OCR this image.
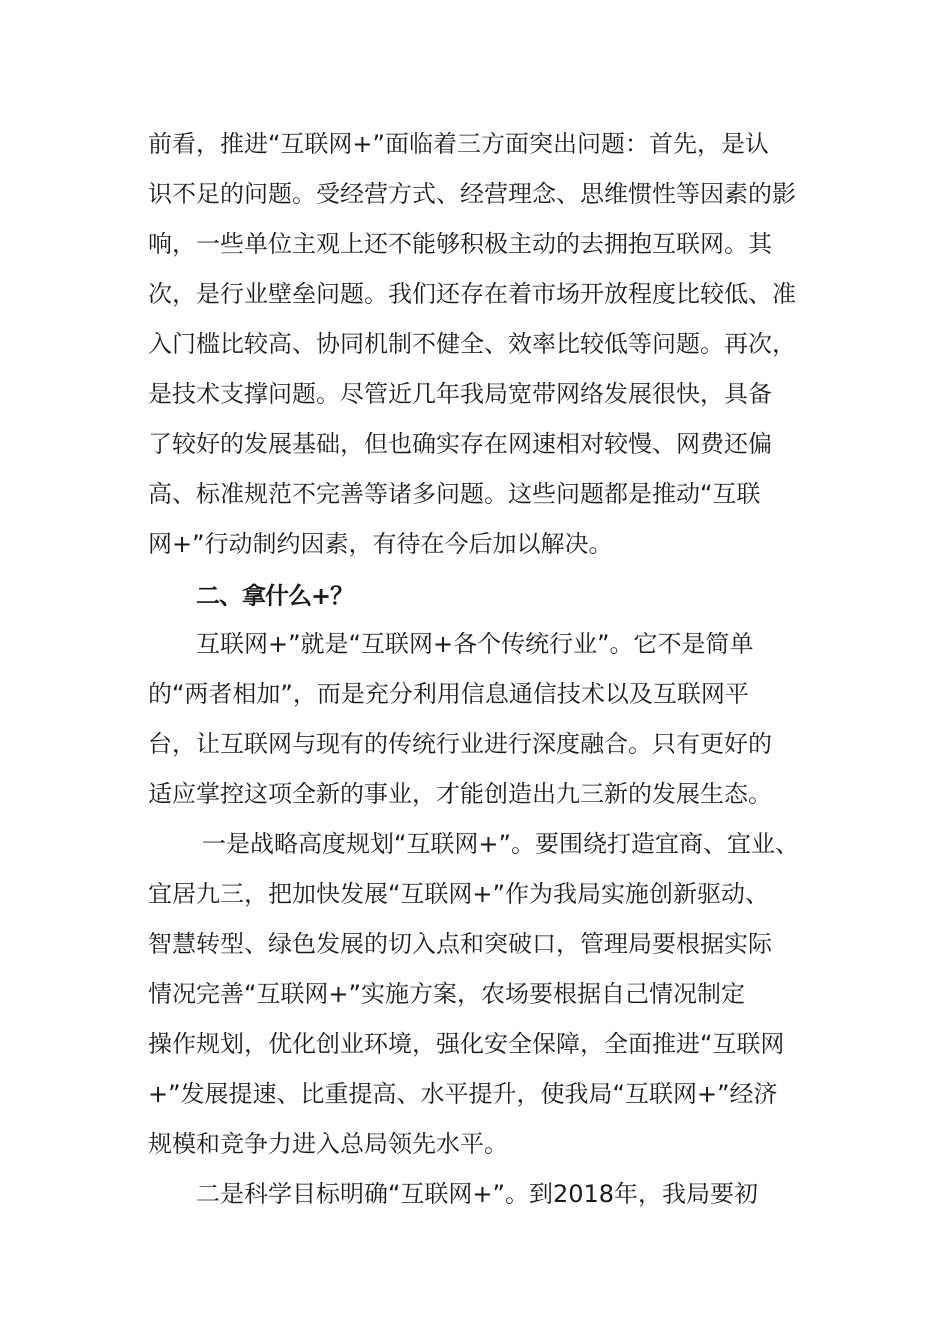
前看，推进“互联网+”面临着三方面突出问题：首先，是认
识不足的问题。受经营方式、经营理念、思维惯性等因素的影
响，一些单位主观上还不能够积极主动的去拥抱互联网。其
次，是行业壁垒问题。我们还存在着市场开放程度比较低、准
入门槛比较高、协同机制不健全、效率比较低等问题。再次，
是技术支撑问题。尽管近几年我局宽带网络发展很快，具备
了较好的发展基础，但也确实存在网速相对较慢、网费还偏
高、标准规范不完善等诸多问题。这些问题都是推动“互联
网+”行动制约因素，有待在今后加以解决。
二、拿什么+？
互联网+”就是“互联网+各个传统行业”。它不是简单
的“两者相加”，而是充分利用信息通信技术以及互联网平
台，让互联网与现有的传统行业进行深度融合。只有更好的
适应掌控这项全新的事业，才能创造出九三新的发展生态。
一是战略高度规划“互联网+”。要围绕打造宜商、宜业、
宜居九三，把加快发展“互联网+”作为我局实施创新驱动、
智慧转型、绿色发展的切入点和突破口，管理局要根据实际
情况完善“互联网+”实施方案，农场要根据自己情况制定
操作规划，优化创业环境，强化安全保障，全面推进“互联网
+”发展提速、比重提高、水平提升，使我局“互联网+”经济
规模和竞争力进入总局领先水平。
二是科学目标明确“互联网+”。到2018年，我局要初
